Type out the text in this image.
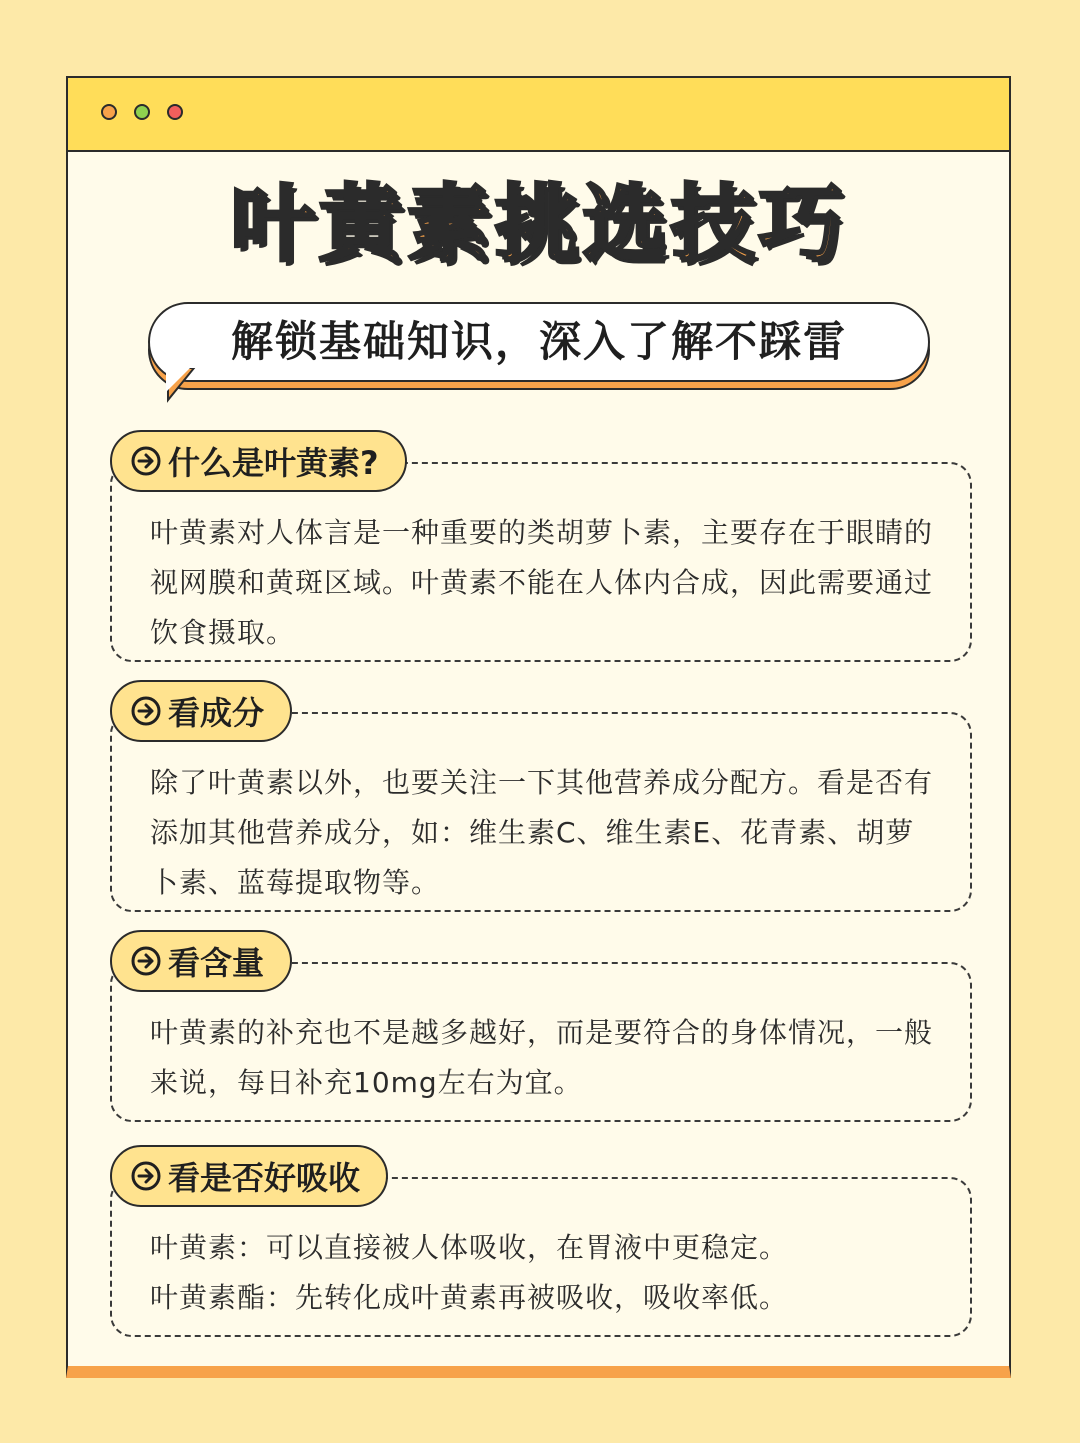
叶黄素挑选技巧
解锁基础知识，深入了解不踩雷
什么是叶黄素?

叶黄素对人体言是一种重要的类胡萝卜素，主要存在于眼睛的视网膜和黄斑区域。叶黄素不能在人体内合成，因此需要通过饮食摄取。

看成分

除了叶黄素以外，也要关注一下其他营养成分配方。看是否有添加其他营养成分，如：维生素C、维生素E、花青素、胡萝卜素、蓝莓提取物等。

看含量

叶黄素的补充也不是越多越好，而是要符合的身体情况，一般来说，每日补充10mg左右为宜。

看是否好吸收

叶黄素：可以直接被人体吸收，在胃液中更稳定。

叶黄素酯：先转化成叶黄素再被吸收，吸收率低。
